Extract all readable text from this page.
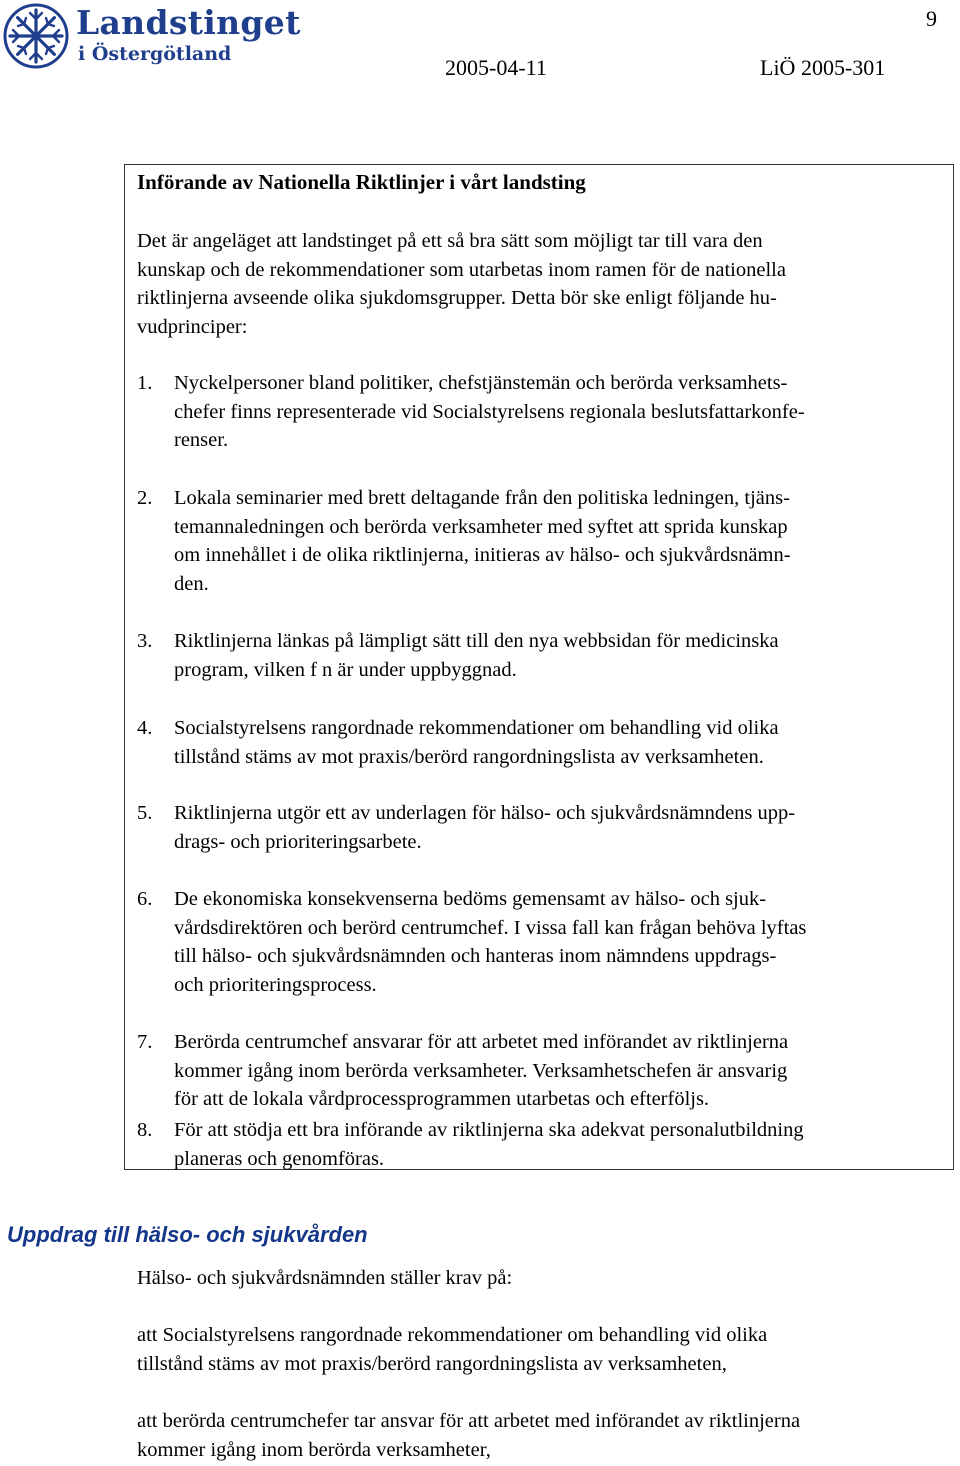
9
Landstinget
i Östergötland
2005-04-11	LiÖ 2005-301
Införande av Nationella Riktlinjer i vårt landsting
Det är angeläget att landstinget på ett så bra sätt som möjligt tar till vara den
kunskap och de rekommendationer som utarbetas inom ramen för de nationella
riktlinjerna avseende olika sjukdomsgrupper. Detta bör ske enligt följande hu-
vudprinciper:
1. Nyckelpersoner bland politiker, chefstjänstemän och berörda verksamhets-
chefer finns representerade vid Socialstyrelsens regionala beslutsfattarkonfe-
renser.
2. Lokala seminarier med brett deltagande från den politiska ledningen, tjäns-
temannaledningen och berörda verksamheter med syftet att sprida kunskap
om innehållet i de olika riktlinjerna, initieras av hälso- och sjukvårdsnämn-
den.
3. Riktlinjerna länkas på lämpligt sätt till den nya webbsidan för medicinska
program, vilken f n är under uppbyggnad.
4. Socialstyrelsens rangordnade rekommendationer om behandling vid olika
tillstånd stäms av mot praxis/berörd rangordningslista av verksamheten.
5. Riktlinjerna utgör ett av underlagen för hälso- och sjukvårdsnämndens upp-
drags- och prioriteringsarbete.
6. De ekonomiska konsekvenserna bedöms gemensamt av hälso- och sjuk-
vårdsdirektören och berörd centrumchef. I vissa fall kan frågan behöva lyftas
till hälso- och sjukvårdsnämnden och hanteras inom nämndens uppdrags-
och prioriteringsprocess.
7. Berörda centrumchef ansvarar för att arbetet med införandet av riktlinjerna
kommer igång inom berörda verksamheter. Verksamhetschefen är ansvarig
för att de lokala vårdprocessprogrammen utarbetas och efterföljs.
8. För att stödja ett bra införande av riktlinjerna ska adekvat personalutbildning
planeras och genomföras.
Uppdrag till hälso- och sjukvården
Hälso- och sjukvårdsnämnden ställer krav på:
att Socialstyrelsens rangordnade rekommendationer om behandling vid olika
tillstånd stäms av mot praxis/berörd rangordningslista av verksamheten,
att berörda centrumchefer tar ansvar för att arbetet med införandet av riktlinjerna
kommer igång inom berörda verksamheter,
